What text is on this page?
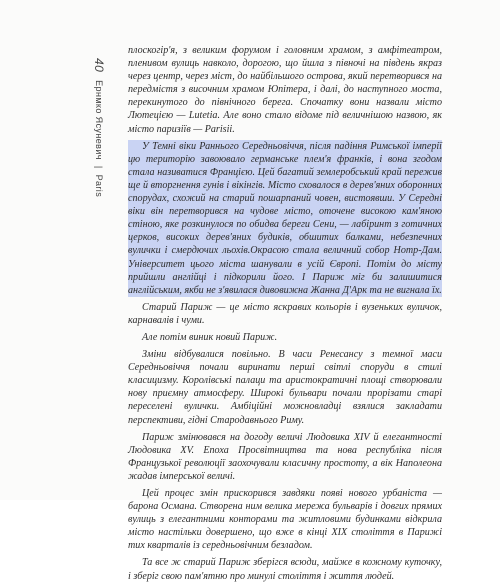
40
Ернмко Ясуневич
|
Paris

плоскогір'я, з великим форумом і головним храмом, з амфітеатром, пленивом вулиць навколо, дорогою, що йшла з півночі на південь якраз через центр, через міст, до найбільшого острова, який перетворився на передмістя з височним храмом Юпітера, і далі, до наступного моста, перекинутого до північного берега. Спочатку вони назвали місто Лютецією — Lutetia. Але воно стало відоме під величнішою назвою, як місто паризіїв — Parisii.

У Темні віки Раннього Середньовіччя, після падіння Римської імперії цю територію завоювало германське плем'я франків, і вона згодом стала називатися Францією. Цей багатий землеробський край пережив ще й вторгнення гунів і вікінгів. Місто сховалося в дерев'яних оборонних спорудах, схожий на старий пошарпаний човен, вистоявши. У Середні віки він перетворився на чудове місто, оточене високою кам'яною стіною, яке розкинулося по обидва береги Сени, — лабіринт з готичних церков, високих дерев'яних будиків, обшитих балками, небезпечних вулички і смердючих льохів.Окрасою стала величний собор Нотр-Дам. Університет цього міста шанували в усій Європі. Потім до місту прийшли англійці і підкорили його. І Париж міг би залишитися англійським, якби не з'явилася дивовижна Жанна Д'Арк та не вигнала їх.

Старий Париж — це місто яскравих кольорів і вузеньких вуличок, карнавалів і чуми.

Але потім виник новий Париж.

Зміни відбувалися повільно. В часи Ренесансу з темної маси Середньовіччя почали виринати перші світлі споруди в стилі класицизму. Королівські палаци та аристократичні площі створювали нову приємну атмосферу. Широкі бульвари почали прорізати старі переселені вулички. Амбіційні можновладці взялися закладати перспективи, гідні Стародавнього Риму.

Париж змінювався на догоду величі Людовика XIV й елегантності Людовика XV. Епоха Просвітництва та нова республіка після Французької революції заохочували класичну простоту, а вік Наполеона жадав імперської величі.

Цей процес змін прискорився завдяки появі нового урбаніста — барона Османа. Створена ним велика мережа бульварів і довгих прямих вулиць з елегантними конторами та житловими будинками відкрила місто настільки довершено, що вже в кінці XIX століття в Парижі тих кварталів із середньовічним безладом.

Та все ж старий Париж зберігся всюди, майже в кожному куточку, і зберіг свою пам'ятню про минулі століття і життя людей.
